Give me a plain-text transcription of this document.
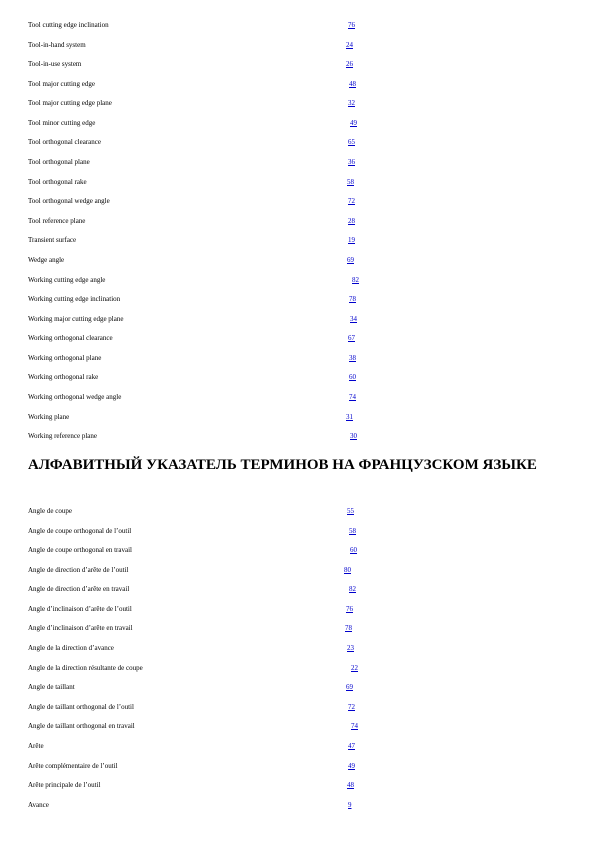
Tool cutting edge inclination	76
Tool-in-hand system	24
Tool-in-use system	26
Tool major cutting edge	48
Tool major cutting edge plane	32
Tool minor cutting edge	49
Tool orthogonal clearance	65
Tool orthogonal plane	36
Tool orthogonal rake	58
Tool orthogonal wedge angle	72
Tool reference plane	28
Transient surface	19
Wedge angle	69
Working cutting edge angle	82
Working cutting edge inclination	78
Working major cutting edge plane	34
Working orthogonal clearance	67
Working orthogonal plane	38
Working orthogonal rake	60
Working orthogonal wedge angle	74
Working plane	31
Working reference plane	30
АЛФАВИТНЫЙ УКАЗАТЕЛЬ ТЕРМИНОВ НА ФРАНЦУЗСКОМ ЯЗЫКЕ
Angle de coupe	55
Angle de coupe orthogonal de l’outil	58
Angle de coupe orthogonal en travail	60
Angle de direction d’arête de l’outil	80
Angle de direction d’arête en travail	82
Angle d’inclinaison d’arête de l’outil	76
Angle d’inclinaison d’arête en travail	78
Angle de la direction d’avance	23
Angle de la direction résultante de coupe	22
Angle de taillant	69
Angle de taillant orthogonal de l’outil	72
Angle de taillant orthogonal en travail	74
Arête	47
Arête complémentaire de l’outil	49
Arête principale de l’outil	48
Avance	9
